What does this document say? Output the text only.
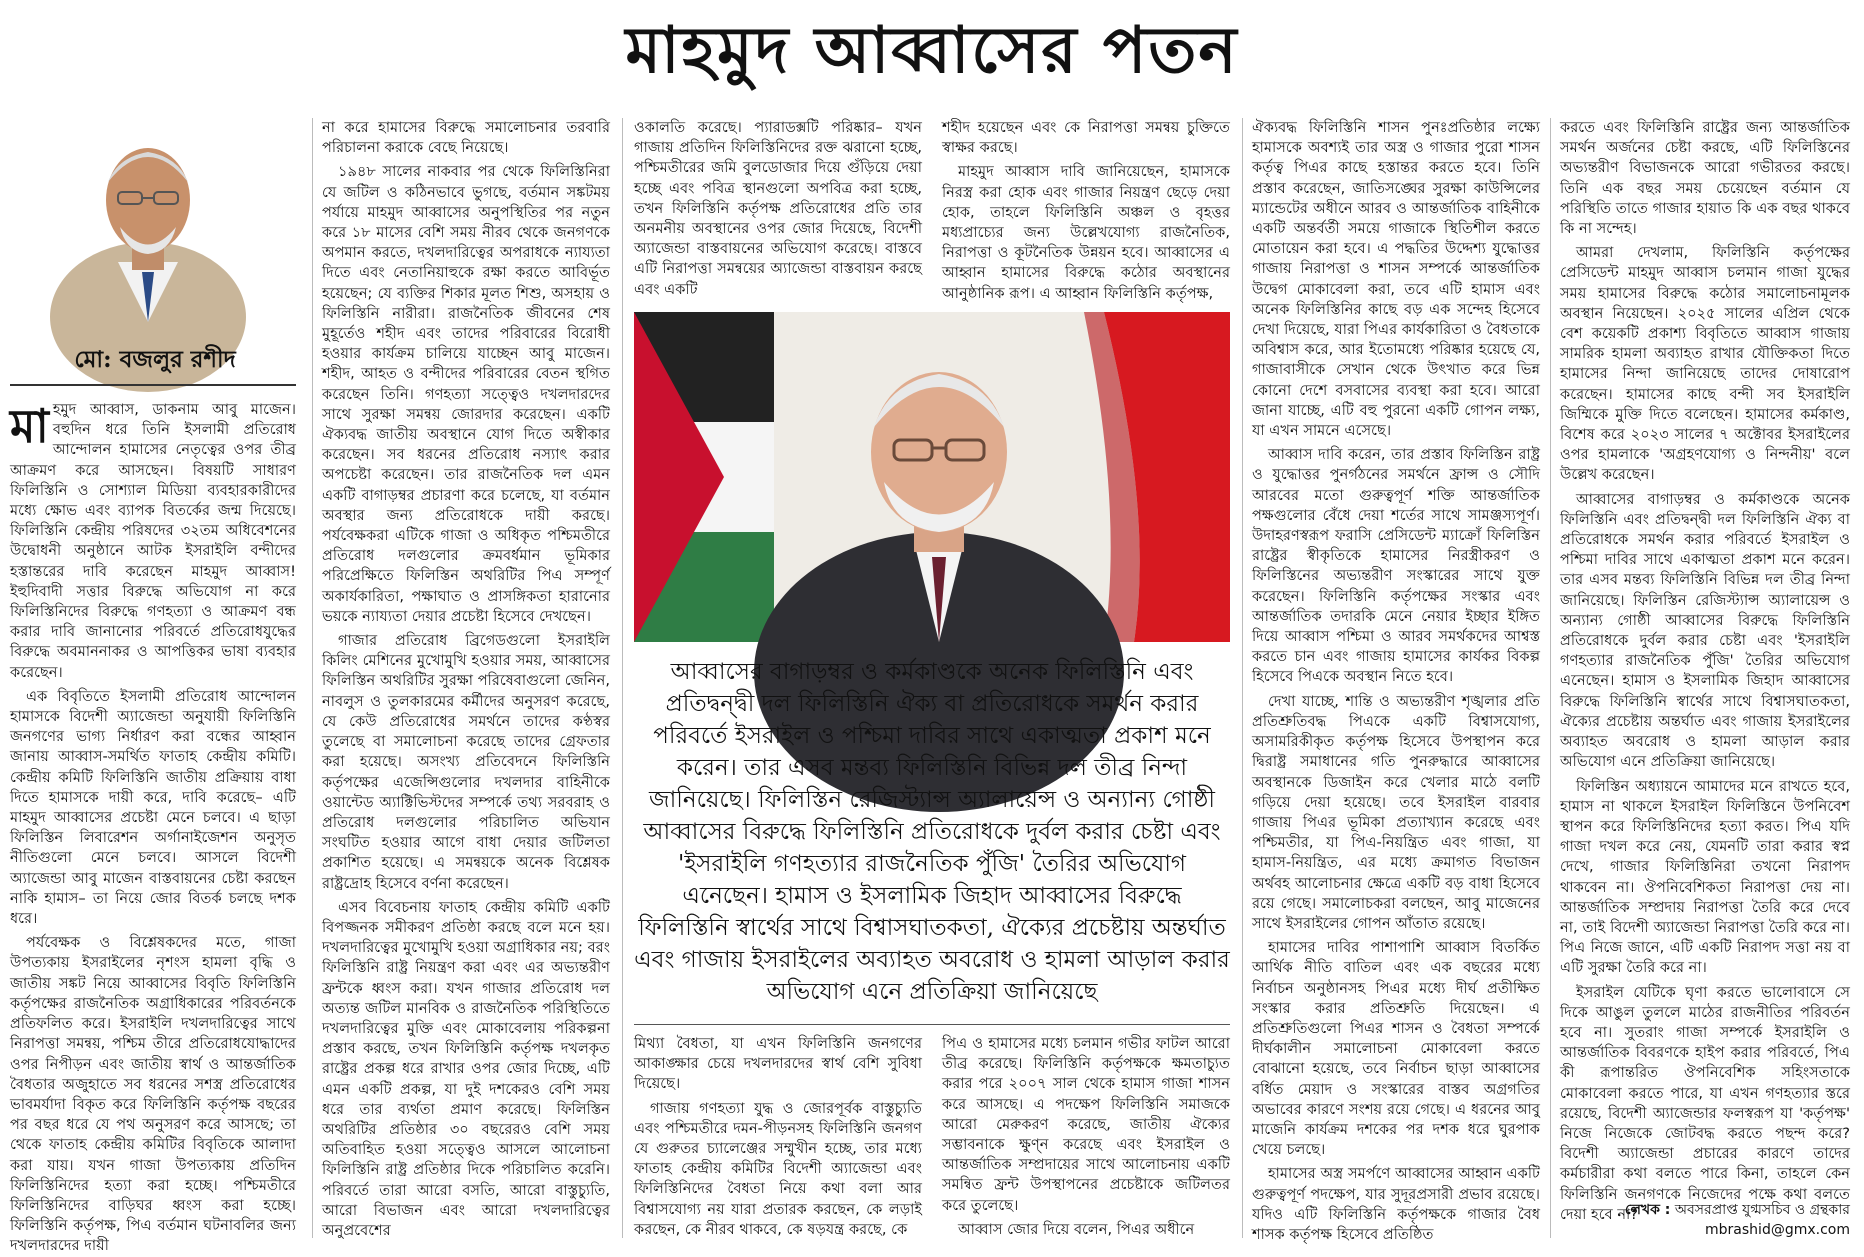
মাহমুদ আব্বাসের পতন
মো: বজলুর রশীদ

মাহমুদ আব্বাস, ডাকনাম আবু মাজেন। বহুদিন ধরে তিনি ইসলামী প্রতিরোধ আন্দোলন হামাসের নেতৃত্বের ওপর তীব্র আক্রমণ করে আসছেন। বিষয়টি সাধারণ ফিলিস্তিনি ও সোশ্যাল মিডিয়া ব্যবহারকারীদের মধ্যে ক্ষোভ এবং ব্যাপক বিতর্কের জন্ম দিয়েছে। ফিলিস্তিনি কেন্দ্রীয় পরিষদের ৩২তম অধিবেশনের উদ্বোধনী অনুষ্ঠানে আটক ইসরাইলি বন্দীদের হস্তান্তরের দাবি করেছেন মাহমুদ আব্বাস! ইহুদিবাদী সত্তার বিরুদ্ধে অভিযোগ না করে ফিলিস্তিনিদের বিরুদ্ধে গণহত্যা ও আক্রমণ বন্ধ করার দাবি জানানোর পরিবর্তে প্রতিরোধযুদ্ধের বিরুদ্ধে অবমাননাকর ও আপত্তিকর ভাষা ব্যবহার করেছেন।

এক বিবৃতিতে ইসলামী প্রতিরোধ আন্দোলন হামাসকে বিদেশী অ্যাজেন্ডা অনুযায়ী ফিলিস্তিনি জনগণের ভাগ্য নির্ধারণ করা বন্ধের আহ্বান জানায় আব্বাস-সমর্থিত ফাতাহ কেন্দ্রীয় কমিটি। কেন্দ্রীয় কমিটি ফিলিস্তিনি জাতীয় প্রক্রিয়ায় বাধা দিতে হামাসকে দায়ী করে, দাবি করেছে– এটি মাহমুদ আব্বাসের প্রচেষ্টা মেনে চলবে। এ ছাড়া ফিলিস্তিন লিবারেশন অর্গানাইজেশন অনুসৃত নীতিগুলো মেনে চলবে। আসলে বিদেশী অ্যাজেন্ডা আবু মাজেন বাস্তবায়নের চেষ্টা করছেন নাকি হামাস– তা নিয়ে জোর বিতর্ক চলছে দশক ধরে।

পর্যবেক্ষক ও বিশ্লেষকদের মতে, গাজা উপত্যকায় ইসরাইলের নৃশংস হামলা বৃদ্ধি ও জাতীয় সঙ্কট নিয়ে আব্বাসের বিবৃতি ফিলিস্তিনি কর্তৃপক্ষের রাজনৈতিক অগ্রাধিকারের পরিবর্তনকে প্রতিফলিত করে। ইসরাইলি দখলদারিত্বের সাথে নিরাপত্তা সমন্বয়, পশ্চিম তীরে প্রতিরোধযোদ্ধাদের ওপর নিপীড়ন এবং জাতীয় স্বার্থ ও আন্তর্জাতিক বৈধতার অজুহাতে সব ধরনের সশস্ত্র প্রতিরোধের ভাবমর্যাদা বিকৃত করে ফিলিস্তিনি কর্তৃপক্ষ বছরের পর বছর ধরে যে পথ অনুসরণ করে আসছে; তা থেকে ফাতাহ কেন্দ্রীয় কমিটির বিবৃতিকে আলাদা করা যায়। যখন গাজা উপত্যকায় প্রতিদিন ফিলিস্তিনিদের হত্যা করা হচ্ছে। পশ্চিমতীরে ফিলিস্তিনিদের বাড়িঘর ধ্বংস করা হচ্ছে। ফিলিস্তিনি কর্তৃপক্ষ, পিএ বর্তমান ঘটনাবলির জন্য দখলদারদের দায়ী

না করে হামাসের বিরুদ্ধে সমালোচনার তরবারি পরিচালনা করাকে বেছে নিয়েছে।

১৯৪৮ সালের নাকবার পর থেকে ফিলিস্তিনিরা যে জটিল ও কঠিনভাবে ভুগছে, বর্তমান সঙ্কটময় পর্যায়ে মাহমুদ আব্বাসের অনুপস্থিতির পর নতুন করে ১৮ মাসের বেশি সময় নীরব থেকে জনগণকে অপমান করতে, দখলদারিত্বের অপরাধকে ন্যায্যতা দিতে এবং নেতানিয়াহুকে রক্ষা করতে আবির্ভূত হয়েছেন; যে ব্যক্তির শিকার মূলত শিশু, অসহায় ও ফিলিস্তিনি নারীরা। রাজনৈতিক জীবনের শেষ মুহূর্তেও শহীদ এবং তাদের পরিবারের বিরোধী হওয়ার কার্যক্রম চালিয়ে যাচ্ছেন আবু মাজেন। শহীদ, আহত ও বন্দীদের পরিবারের বেতন স্থগিত করেছেন তিনি। গণহত্যা সত্ত্বেও দখলদারদের সাথে সুরক্ষা সমন্বয় জোরদার করেছেন। একটি ঐক্যবদ্ধ জাতীয় অবস্থানে যোগ দিতে অস্বীকার করেছেন। সব ধরনের প্রতিরোধ নস্যাৎ করার অপচেষ্টা করেছেন। তার রাজনৈতিক দল এমন একটি বাগাড়ম্বর প্রচারণা করে চলেছে, যা বর্তমান অবস্থার জন্য প্রতিরোধকে দায়ী করছে। পর্যবেক্ষকরা এটিকে গাজা ও অধিকৃত পশ্চিমতীরে প্রতিরোধ দলগুলোর ক্রমবর্ধমান ভূমিকার পরিপ্রেক্ষিতে ফিলিস্তিন অথরিটির পিএ সম্পূর্ণ অকার্যকারিতা, পক্ষাঘাত ও প্রাসঙ্গিকতা হারানোর ভয়কে ন্যায্যতা দেয়ার প্রচেষ্টা হিসেবে দেখছেন।

গাজার প্রতিরোধ ব্রিগেডগুলো ইসরাইলি কিলিং মেশিনের মুখোমুখি হওয়ার সময়, আব্বাসের ফিলিস্তিন অথরিটির সুরক্ষা পরিষেবাগুলো জেনিন, নাবলুস ও তুলকারমের কর্মীদের অনুসরণ করেছে, যে কেউ প্রতিরোধের সমর্থনে তাদের কণ্ঠস্বর তুলেছে বা সমালোচনা করেছে তাদের গ্রেফতার করা হয়েছে। অসংখ্য প্রতিবেদনে ফিলিস্তিনি কর্তৃপক্ষের এজেন্সিগুলোর দখলদার বাহিনীকে ওয়ান্টেড অ্যাক্টিভিস্টদের সম্পর্কে তথ্য সরবরাহ ও প্রতিরোধ দলগুলোর পরিচালিত অভিযান সংঘটিত হওয়ার আগে বাধা দেয়ার জটিলতা প্রকাশিত হয়েছে। এ সমন্বয়কে অনেক বিশ্লেষক রাষ্ট্রদ্রোহ হিসেবে বর্ণনা করেছেন।

এসব বিবেচনায় ফাতাহ কেন্দ্রীয় কমিটি একটি বিপজ্জনক সমীকরণ প্রতিষ্ঠা করছে বলে মনে হয়। দখলদারিত্বের মুখোমুখি হওয়া অগ্রাধিকার নয়; বরং ফিলিস্তিনি রাষ্ট্র নিয়ন্ত্রণ করা এবং এর অভ্যন্তরীণ ফ্রন্টকে ধ্বংস করা। যখন গাজার প্রতিরোধ দল অত্যন্ত জটিল মানবিক ও রাজনৈতিক পরিস্থিতিতে দখলদারিত্বের মুক্তি এবং মোকাবেলায় পরিকল্পনা প্রস্তাব করছে, তখন ফিলিস্তিনি কর্তৃপক্ষ দখলকৃত রাষ্ট্রের প্রকল্প ধরে রাখার ওপর জোর দিচ্ছে, এটি এমন একটি প্রকল্প, যা দুই দশকেরও বেশি সময় ধরে তার ব্যর্থতা প্রমাণ করেছে। ফিলিস্তিন অথরিটির প্রতিষ্ঠার ৩০ বছরেরও বেশি সময় অতিবাহিত হওয়া সত্ত্বেও আসলে আলোচনা ফিলিস্তিনি রাষ্ট্র প্রতিষ্ঠার দিকে পরিচালিত করেনি। পরিবর্তে তারা আরো বসতি, আরো বাস্তুচ্যুতি, আরো বিভাজন এবং আরো দখলদারিত্বের অনুপ্রবেশের

ওকালতি করেছে। প্যারাডক্সটি পরিষ্কার– যখন গাজায় প্রতিদিন ফিলিস্তিনিদের রক্ত ঝরানো হচ্ছে, পশ্চিমতীরের জমি বুলডোজার দিয়ে গুঁড়িয়ে দেয়া হচ্ছে এবং পবিত্র স্থানগুলো অপবিত্র করা হচ্ছে, তখন ফিলিস্তিনি কর্তৃপক্ষ প্রতিরোধের প্রতি তার অনমনীয় অবস্থানের ওপর জোর দিয়েছে, বিদেশী অ্যাজেন্ডা বাস্তবায়নের অভিযোগ করেছে। বাস্তবে এটি নিরাপত্তা সমন্বয়ের অ্যাজেন্ডা বাস্তবায়ন করছে এবং একটি

শহীদ হয়েছেন এবং কে নিরাপত্তা সমন্বয় চুক্তিতে স্বাক্ষর করছে।

মাহমুদ আব্বাস দাবি জানিয়েছেন, হামাসকে নিরস্ত্র করা হোক এবং গাজার নিয়ন্ত্রণ ছেড়ে দেয়া হোক, তাহলে ফিলিস্তিনি অঞ্চল ও বৃহত্তর মধ্যপ্রাচ্যের জন্য উল্লেখযোগ্য রাজনৈতিক, নিরাপত্তা ও কূটনৈতিক উন্নয়ন হবে। আব্বাসের এ আহ্বান হামাসের বিরুদ্ধে কঠোর অবস্থানের আনুষ্ঠানিক রূপ। এ আহ্বান ফিলিস্তিনি কর্তৃপক্ষ,

আব্বাসের বাগাড়ম্বর ও কর্মকাণ্ডকে অনেক ফিলিস্তিনি এবং প্রতিদ্বন্দ্বী দল ফিলিস্তিনি ঐক্য বা প্রতিরোধকে সমর্থন করার পরিবর্তে ইসরাইল ও পশ্চিমা দাবির সাথে একাত্মতা প্রকাশ মনে করেন। তার এসব মন্তব্য ফিলিস্তিনি বিভিন্ন দল তীব্র নিন্দা জানিয়েছে। ফিলিস্তিন রেজিস্ট্যান্স অ্যালায়েন্স ও অন্যান্য গোষ্ঠী আব্বাসের বিরুদ্ধে ফিলিস্তিনি প্রতিরোধকে দুর্বল করার চেষ্টা এবং 'ইসরাইলি গণহত্যার রাজনৈতিক পুঁজি' তৈরির অভিযোগ এনেছেন। হামাস ও ইসলামিক জিহাদ আব্বাসের বিরুদ্ধে ফিলিস্তিনি স্বার্থের সাথে বিশ্বাসঘাতকতা, ঐক্যের প্রচেষ্টায় অন্তর্ঘাত এবং গাজায় ইসরাইলের অব্যাহত অবরোধ ও হামলা আড়াল করার অভিযোগ এনে প্রতিক্রিয়া জানিয়েছে

মিথ্যা বৈধতা, যা এখন ফিলিস্তিনি জনগণের আকাঙ্ক্ষার চেয়ে দখলদারদের স্বার্থ বেশি সুবিধা দিয়েছে।

গাজায় গণহত্যা যুদ্ধ ও জোরপূর্বক বাস্তুচ্যুতি এবং পশ্চিমতীরে দমন-পীড়নসহ ফিলিস্তিনি জনগণ যে গুরুতর চ্যালেঞ্জের সম্মুখীন হচ্ছে, তার মধ্যে ফাতাহ কেন্দ্রীয় কমিটির বিদেশী অ্যাজেন্ডা এবং ফিলিস্তিনিদের বৈধতা নিয়ে কথা বলা আর বিশ্বাসযোগ্য নয় যারা প্রতারক করছেন, কে লড়াই করছেন, কে নীরব থাকবে, কে ষড়যন্ত্র করছে, কে

পিএ ও হামাসের মধ্যে চলমান গভীর ফাটল আরো তীব্র করেছে। ফিলিস্তিনি কর্তৃপক্ষকে ক্ষমতাচ্যুত করার পরে ২০০৭ সাল থেকে হামাস গাজা শাসন করে আসছে। এ পদক্ষেপ ফিলিস্তিনি সমাজকে আরো মেরুকরণ করেছে, জাতীয় ঐক্যের সম্ভাবনাকে ক্ষুণ্ন করেছে এবং ইসরাইল ও আন্তর্জাতিক সম্প্রদায়ের সাথে আলোচনায় একটি সমন্বিত ফ্রন্ট উপস্থাপনের প্রচেষ্টাকে জটিলতর করে তুলেছে।

আব্বাস জোর দিয়ে বলেন, পিএর অধীনে

ঐক্যবদ্ধ ফিলিস্তিনি শাসন পুনঃপ্রতিষ্ঠার লক্ষ্যে হামাসকে অবশ্যই তার অস্ত্র ও গাজার পুরো শাসন কর্তৃত্ব পিএর কাছে হস্তান্তর করতে হবে। তিনি প্রস্তাব করেছেন, জাতিসঙ্ঘের সুরক্ষা কাউন্সিলের ম্যান্ডেটের অধীনে আরব ও আন্তর্জাতিক বাহিনীকে একটি অন্তর্বর্তী সময়ে গাজাকে স্থিতিশীল করতে মোতায়েন করা হবে। এ পদ্ধতির উদ্দেশ্য যুদ্ধোত্তর গাজায় নিরাপত্তা ও শাসন সম্পর্কে আন্তর্জাতিক উদ্বেগ মোকাবেলা করা, তবে এটি হামাস এবং অনেক ফিলিস্তিনির কাছে বড় এক সন্দেহ হিসেবে দেখা দিয়েছে, যারা পিএর কার্যকারিতা ও বৈধতাকে অবিশ্বাস করে, আর ইতোমধ্যে পরিষ্কার হয়েছে যে, গাজাবাসীকে সেখান থেকে উৎখাত করে ভিন্ন কোনো দেশে বসবাসের ব্যবস্থা করা হবে। আরো জানা যাচ্ছে, এটি বহু পুরনো একটি গোপন লক্ষ্য, যা এখন সামনে এসেছে।

আব্বাস দাবি করেন, তার প্রস্তাব ফিলিস্তিন রাষ্ট্র ও যুদ্ধোত্তর পুনর্গঠনের সমর্থনে ফ্রান্স ও সৌদি আরবের মতো গুরুত্বপূর্ণ শক্তি আন্তর্জাতিক পক্ষগুলোর বেঁধে দেয়া শর্তের সাথে সামঞ্জস্যপূর্ণ। উদাহরণস্বরূপ ফরাসি প্রেসিডেন্ট ম্যাক্রোঁ ফিলিস্তিন রাষ্ট্রের স্বীকৃতিকে হামাসের নিরস্ত্রীকরণ ও ফিলিস্তিনের অভ্যন্তরীণ সংস্কারের সাথে যুক্ত করেছেন। ফিলিস্তিনি কর্তৃপক্ষের সংস্কার এবং আন্তর্জাতিক তদারকি মেনে নেয়ার ইচ্ছার ইঙ্গিত দিয়ে আব্বাস পশ্চিমা ও আরব সমর্থকদের আশ্বস্ত করতে চান এবং গাজায় হামাসের কার্যকর বিকল্প হিসেবে পিএকে অবস্থান নিতে হবে।

দেখা যাচ্ছে, শান্তি ও অভ্যন্তরীণ শৃঙ্খলার প্রতি প্রতিশ্রুতিবদ্ধ পিএকে একটি বিশ্বাসযোগ্য, অসামরিকীকৃত কর্তৃপক্ষ হিসেবে উপস্থাপন করে দ্বিরাষ্ট্র সমাধানের গতি পুনরুদ্ধারে আব্বাসের অবস্থানকে ডিজাইন করে খেলার মাঠে বলটি গড়িয়ে দেয়া হয়েছে। তবে ইসরাইল বারবার গাজায় পিএর ভূমিকা প্রত্যাখ্যান করেছে এবং পশ্চিমতীর, যা পিএ-নিয়ন্ত্রিত এবং গাজা, যা হামাস-নিয়ন্ত্রিত, এর মধ্যে ক্রমাগত বিভাজন অর্থবহ আলোচনার ক্ষেত্রে একটি বড় বাধা হিসেবে রয়ে গেছে। সমালোচকরা বলছেন, আবু মাজেনের সাথে ইসরাইলের গোপন আঁতাত রয়েছে।

হামাসের দাবির পাশাপাশি আব্বাস বিতর্কিত আর্থিক নীতি বাতিল এবং এক বছরের মধ্যে নির্বাচন অনুষ্ঠানসহ পিএর মধ্যে দীর্ঘ প্রতীক্ষিত সংস্কার করার প্রতিশ্রুতি দিয়েছেন। এ প্রতিশ্রুতিগুলো পিএর শাসন ও বৈধতা সম্পর্কে দীর্ঘকালীন সমালোচনা মোকাবেলা করতে বোঝানো হয়েছে, তবে নির্বাচন ছাড়া আব্বাসের বর্ধিত মেয়াদ ও সংস্কারের বাস্তব অগ্রগতির অভাবের কারণে সংশয় রয়ে গেছে। এ ধরনের আবু মাজেনি কার্যক্রম দশকের পর দশক ধরে ঘুরপাক খেয়ে চলছে।

হামাসের অস্ত্র সমর্পণে আব্বাসের আহ্বান একটি গুরুত্বপূর্ণ পদক্ষেপ, যার সুদূরপ্রসারী প্রভাব রয়েছে। যদিও এটি ফিলিস্তিনি কর্তৃপক্ষকে গাজার বৈধ শাসক কর্তৃপক্ষ হিসেবে প্রতিষ্ঠিত

করতে এবং ফিলিস্তিনি রাষ্ট্রের জন্য আন্তর্জাতিক সমর্থন অর্জনের চেষ্টা করছে, এটি ফিলিস্তিনের অভ্যন্তরীণ বিভাজনকে আরো গভীরতর করছে। তিনি এক বছর সময় চেয়েছেন বর্তমান যে পরিস্থিতি তাতে গাজার হায়াত কি এক বছর থাকবে কি না সন্দেহ।

আমরা দেখলাম, ফিলিস্তিনি কর্তৃপক্ষের প্রেসিডেন্ট মাহমুদ আব্বাস চলমান গাজা যুদ্ধের সময় হামাসের বিরুদ্ধে কঠোর সমালোচনামূলক অবস্থান নিয়েছেন। ২০২৫ সালের এপ্রিল থেকে বেশ কয়েকটি প্রকাশ্য বিবৃতিতে আব্বাস গাজায় সামরিক হামলা অব্যাহত রাখার যৌক্তিকতা দিতে হামাসের নিন্দা জানিয়েছে তাদের দোষারোপ করেছেন। হামাসের কাছে বন্দী সব ইসরাইলি জিম্মিকে মুক্তি দিতে বলেছেন। হামাসের কর্মকাণ্ড, বিশেষ করে ২০২৩ সালের ৭ অক্টোবর ইসরাইলের ওপর হামলাকে 'অগ্রহণযোগ্য ও নিন্দনীয়' বলে উল্লেখ করেছেন।

আব্বাসের বাগাড়ম্বর ও কর্মকাণ্ডকে অনেক ফিলিস্তিনি এবং প্রতিদ্বন্দ্বী দল ফিলিস্তিনি ঐক্য বা প্রতিরোধকে সমর্থন করার পরিবর্তে ইসরাইল ও পশ্চিমা দাবির সাথে একাত্মতা প্রকাশ মনে করেন। তার এসব মন্তব্য ফিলিস্তিনি বিভিন্ন দল তীব্র নিন্দা জানিয়েছে। ফিলিস্তিন রেজিস্ট্যান্স অ্যালায়েন্স ও অন্যান্য গোষ্ঠী আব্বাসের বিরুদ্ধে ফিলিস্তিনি প্রতিরোধকে দুর্বল করার চেষ্টা এবং 'ইসরাইলি গণহত্যার রাজনৈতিক পুঁজি' তৈরির অভিযোগ এনেছেন। হামাস ও ইসলামিক জিহাদ আব্বাসের বিরুদ্ধে ফিলিস্তিনি স্বার্থের সাথে বিশ্বাসঘাতকতা, ঐক্যের প্রচেষ্টায় অন্তর্ঘাত এবং গাজায় ইসরাইলের অব্যাহত অবরোধ ও হামলা আড়াল করার অভিযোগ এনে প্রতিক্রিয়া জানিয়েছে।

ফিলিস্তিন অধ্যায়নে আমাদের মনে রাখতে হবে, হামাস না থাকলে ইসরাইল ফিলিস্তিনে উপনিবেশ স্থাপন করে ফিলিস্তিনিদের হত্যা করত। পিএ যদি গাজা দখল করে নেয়, যেমনটি তারা করার স্বপ্ন দেখে, গাজার ফিলিস্তিনিরা তখনো নিরাপদ থাকবেন না। ঔপনিবেশিকতা নিরাপত্তা দেয় না। আন্তর্জাতিক সম্প্রদায় নিরাপত্তা তৈরি করে দেবে না, তাই বিদেশী অ্যাজেন্ডা নিরাপত্তা তৈরি করে না। পিএ নিজে জানে, এটি একটি নিরাপদ সত্তা নয় বা এটি সুরক্ষা তৈরি করে না।

ইসরাইল যেটিকে ঘৃণা করতে ভালোবাসে সে দিকে আঙুল তুললে মাঠের রাজনীতির পরিবর্তন হবে না। সুতরাং গাজা সম্পর্কে ইসরাইলি ও আন্তর্জাতিক বিবরণকে হাইপ করার পরিবর্তে, পিএ কী রূপান্তরিত ঔপনিবেশিক সহিংসতাকে মোকাবেলা করতে পারে, যা এখন গণহত্যার স্তরে রয়েছে, বিদেশী অ্যাজেন্ডার ফলস্বরূপ যা 'কর্তৃপক্ষ' নিজে নিজেকে জোটবদ্ধ করতে পছন্দ করে? বিদেশী অ্যাজেন্ডা প্রচারের কারণে তাদের কর্মচারীরা কথা বলতে পারে কিনা, তাহলে কেন ফিলিস্তিনি জনগণকে নিজেদের পক্ষে কথা বলতে দেয়া হবে না?

লেখক : অবসরপ্রাপ্ত যুগ্মসচিব ও গ্রন্থকার
mbrashid@gmx.com
